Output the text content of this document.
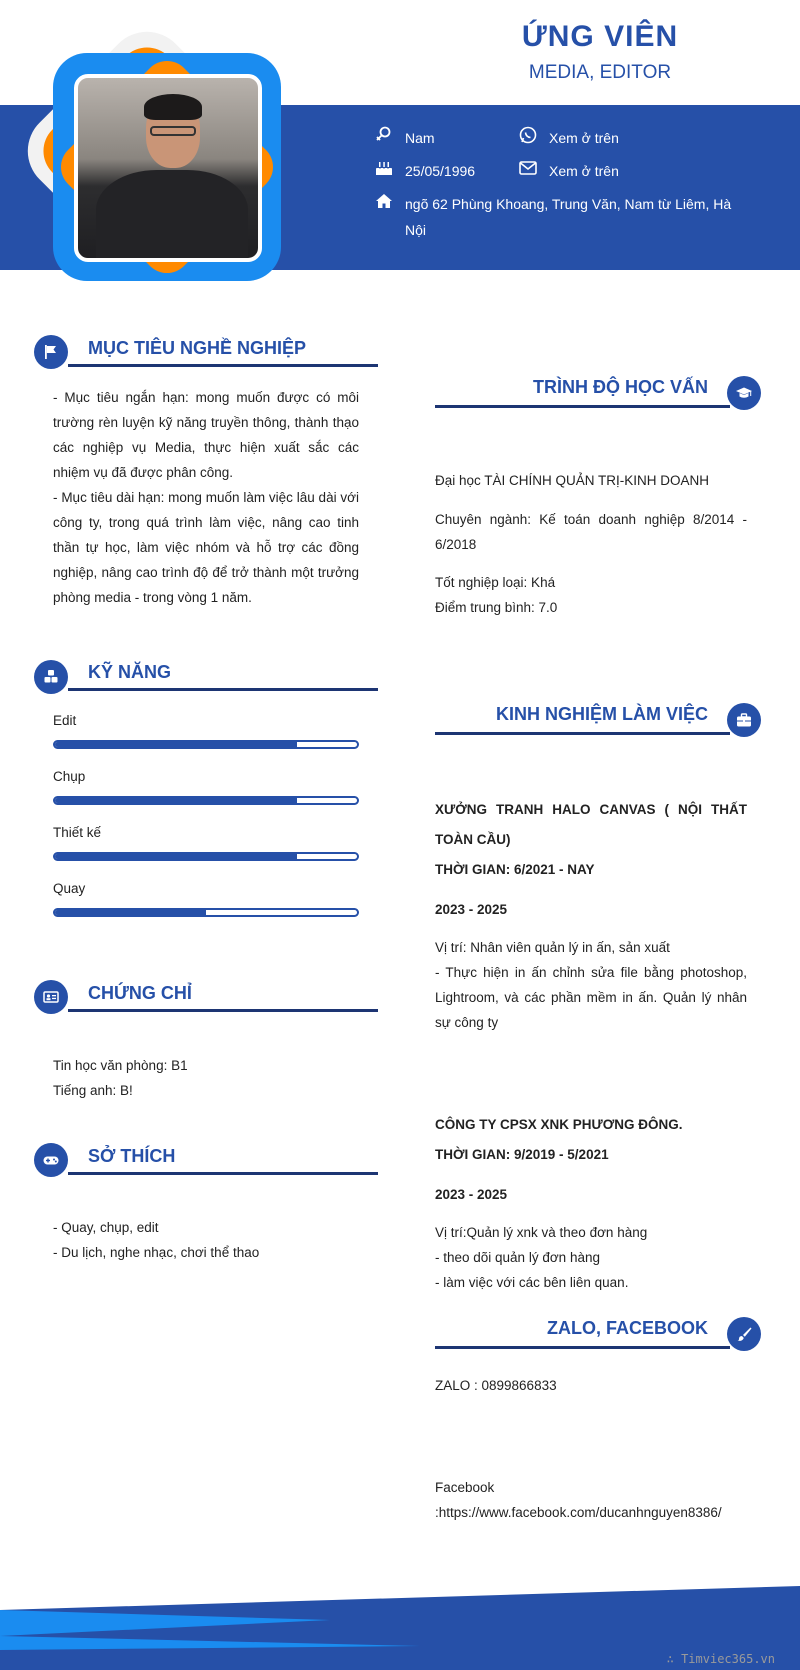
ỨNG VIÊN
MEDIA, EDITOR
Nam	Xem ở trên
25/05/1996	Xem ở trên
ngõ 62 Phùng Khoang, Trung Văn, Nam từ Liêm, Hà Nội
MỤC TIÊU NGHỀ NGHIỆP
- Mục tiêu ngắn hạn: mong muốn được có môi trường rèn luyện kỹ năng truyền thông, thành thạo các nghiệp vụ Media, thực hiện xuất sắc các nhiệm vụ đã được phân công.
- Mục tiêu dài hạn: mong muốn làm việc lâu dài với công ty, trong quá trình làm việc, nâng cao tinh thần tự học, làm việc nhóm và hỗ trợ các đồng nghiệp, nâng cao trình độ để trở thành một trưởng phòng media - trong vòng 1 năm.
KỸ NĂNG
Edit
Chụp
Thiết kế
Quay
CHỨNG CHỈ
Tin học văn phòng: B1
Tiếng anh: B!
SỞ THÍCH
- Quay, chụp, edit
- Du lịch, nghe nhạc, chơi thể thao
TRÌNH ĐỘ HỌC VẤN
Đại học TÀI CHÍNH QUẢN TRỊ-KINH DOANH
Chuyên ngành: Kế toán doanh nghiệp 8/2014 - 6/2018
Tốt nghiệp loại: Khá
Điểm trung bình: 7.0
KINH NGHIỆM LÀM VIỆC
XƯỞNG TRANH HALO CANVAS ( NỘI THẤT TOÀN CẦU)
THỜI GIAN: 6/2021 - NAY
2023 - 2025
Vị trí: Nhân viên quản lý in ấn, sản xuất
- Thực hiện in ấn chỉnh sửa file bằng photoshop, Lightroom, và các phần mềm in ấn. Quản lý nhân sự công ty
CÔNG TY CPSX XNK PHƯƠNG ĐÔNG.
THỜI GIAN: 9/2019 - 5/2021
2023 - 2025
Vị trí:Quản lý xnk và theo đơn hàng
- theo dõi quản lý đơn hàng
- làm việc với các bên liên quan.
ZALO, FACEBOOK
ZALO : 0899866833
Facebook
:https://www.facebook.com/ducanhnguyen8386/
∴ Timviec365.vn
